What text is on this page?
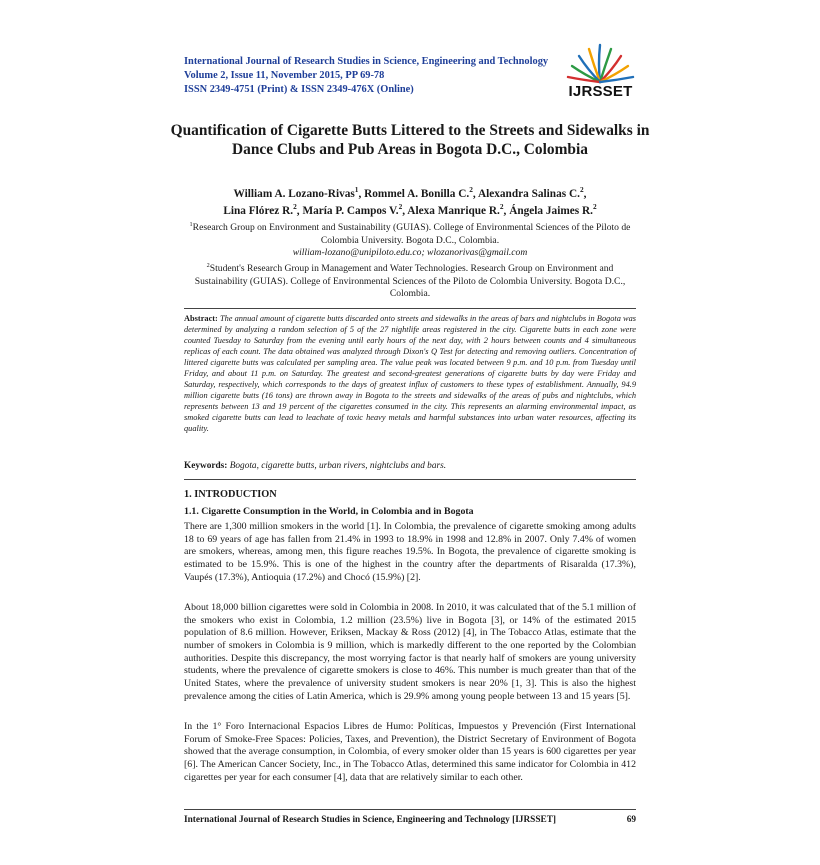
International Journal of Research Studies in Science, Engineering and Technology
Volume 2, Issue 11, November 2015, PP 69-78
ISSN 2349-4751 (Print) & ISSN 2349-476X (Online)	IJRSSET
Quantification of Cigarette Butts Littered to the Streets and Sidewalks in Dance Clubs and Pub Areas in Bogota D.C., Colombia
William A. Lozano-Rivas$^1$, Rommel A. Bonilla C.$^2$, Alexandra Salinas C.$^2$,
Lina Flórez R.$^2$, María P. Campos V.$^2$, Alexa Manrique R.$^2$, Ángela Jaimes R.$^2$
$^1$Research Group on Environment and Sustainability (GUIAS). College of Environmental Sciences of the Piloto de Colombia University. Bogota D.C., Colombia.
william-lozano@unipiloto.edu.co; wlozanorivas@gmail.com
$^2$Student's Research Group in Management and Water Technologies. Research Group on Environment and Sustainability (GUIAS). College of Environmental Sciences of the Piloto de Colombia University. Bogota D.C., Colombia.
Abstract: The annual amount of cigarette butts discarded onto streets and sidewalks in the areas of bars and nightclubs in Bogota was determined by analyzing a random selection of 5 of the 27 nightlife areas registered in the city. Cigarette butts in each zone were counted Tuesday to Saturday from the evening until early hours of the next day, with 2 hours between counts and 4 simultaneous replicas of each count. The data obtained was analyzed through Dixon's Q Test for detecting and removing outliers. Concentration of littered cigarette butts was calculated per sampling area. The value peak was located between 9 p.m. and 10 p.m. from Tuesday until Friday, and about 11 p.m. on Saturday. The greatest and second-greatest generations of cigarette butts by day were Friday and Saturday, respectively, which corresponds to the days of greatest influx of customers to these types of establishment. Annually, 94.9 million cigarette butts (16 tons) are thrown away in Bogota to the streets and sidewalks of the areas of pubs and nightclubs, which represents between 13 and 19 percent of the cigarettes consumed in the city. This represents an alarming environmental impact, as smoked cigarette butts can lead to leachate of toxic heavy metals and harmful substances into urban water resources, affecting its quality.
Keywords: Bogota, cigarette butts, urban rivers, nightclubs and bars.
1. INTRODUCTION
1.1. Cigarette Consumption in the World, in Colombia and in Bogota
There are 1,300 million smokers in the world [1]. In Colombia, the prevalence of cigarette smoking among adults 18 to 69 years of age has fallen from 21.4% in 1993 to 18.9% in 1998 and 12.8% in 2007. Only 7.4% of women are smokers, whereas, among men, this figure reaches 19.5%. In Bogota, the prevalence of cigarette smoking is estimated to be 15.9%. This is one of the highest in the country after the departments of Risaralda (17.3%), Vaupés (17.3%), Antioquia (17.2%) and Chocó (15.9%) [2].
About 18,000 billion cigarettes were sold in Colombia in 2008. In 2010, it was calculated that of the 5.1 million of the smokers who exist in Colombia, 1.2 million (23.5%) live in Bogota [3], or 14% of the estimated 2015 population of 8.6 million. However, Eriksen, Mackay & Ross (2012) [4], in The Tobacco Atlas, estimate that the number of smokers in Colombia is 9 million, which is markedly different to the one reported by the Colombian authorities. Despite this discrepancy, the most worrying factor is that nearly half of smokers are young university students, where the prevalence of cigarette smokers is close to 46%. This number is much greater than that of the United States, where the prevalence of university student smokers is near 20% [1, 3]. This is also the highest prevalence among the cities of Latin America, which is 29.9% among young people between 13 and 15 years [5].
In the 1° Foro Internacional Espacios Libres de Humo: Políticas, Impuestos y Prevención (First International Forum of Smoke-Free Spaces: Policies, Taxes, and Prevention), the District Secretary of Environment of Bogota showed that the average consumption, in Colombia, of every smoker older than 15 years is 600 cigarettes per year [6]. The American Cancer Society, Inc., in The Tobacco Atlas, determined this same indicator for Colombia in 412 cigarettes per year for each consumer [4], data that are relatively similar to each other.
International Journal of Research Studies in Science, Engineering and Technology [IJRSSET]	69
